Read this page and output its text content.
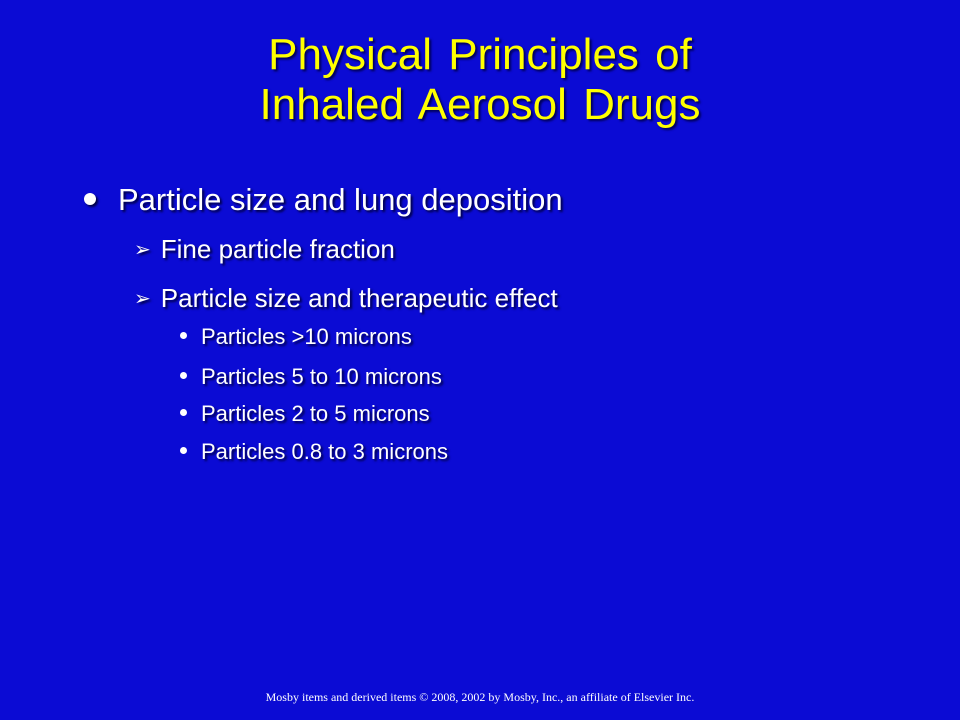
Physical Principles of
Inhaled Aerosol Drugs
Particle size and lung deposition
➢ Fine particle fraction
➢ Particle size and therapeutic effect
Particles >10 microns
Particles 5 to 10 microns
Particles 2 to 5 microns
Particles 0.8 to 3 microns
Mosby items and derived items © 2008, 2002 by Mosby, Inc., an affiliate of Elsevier Inc.
